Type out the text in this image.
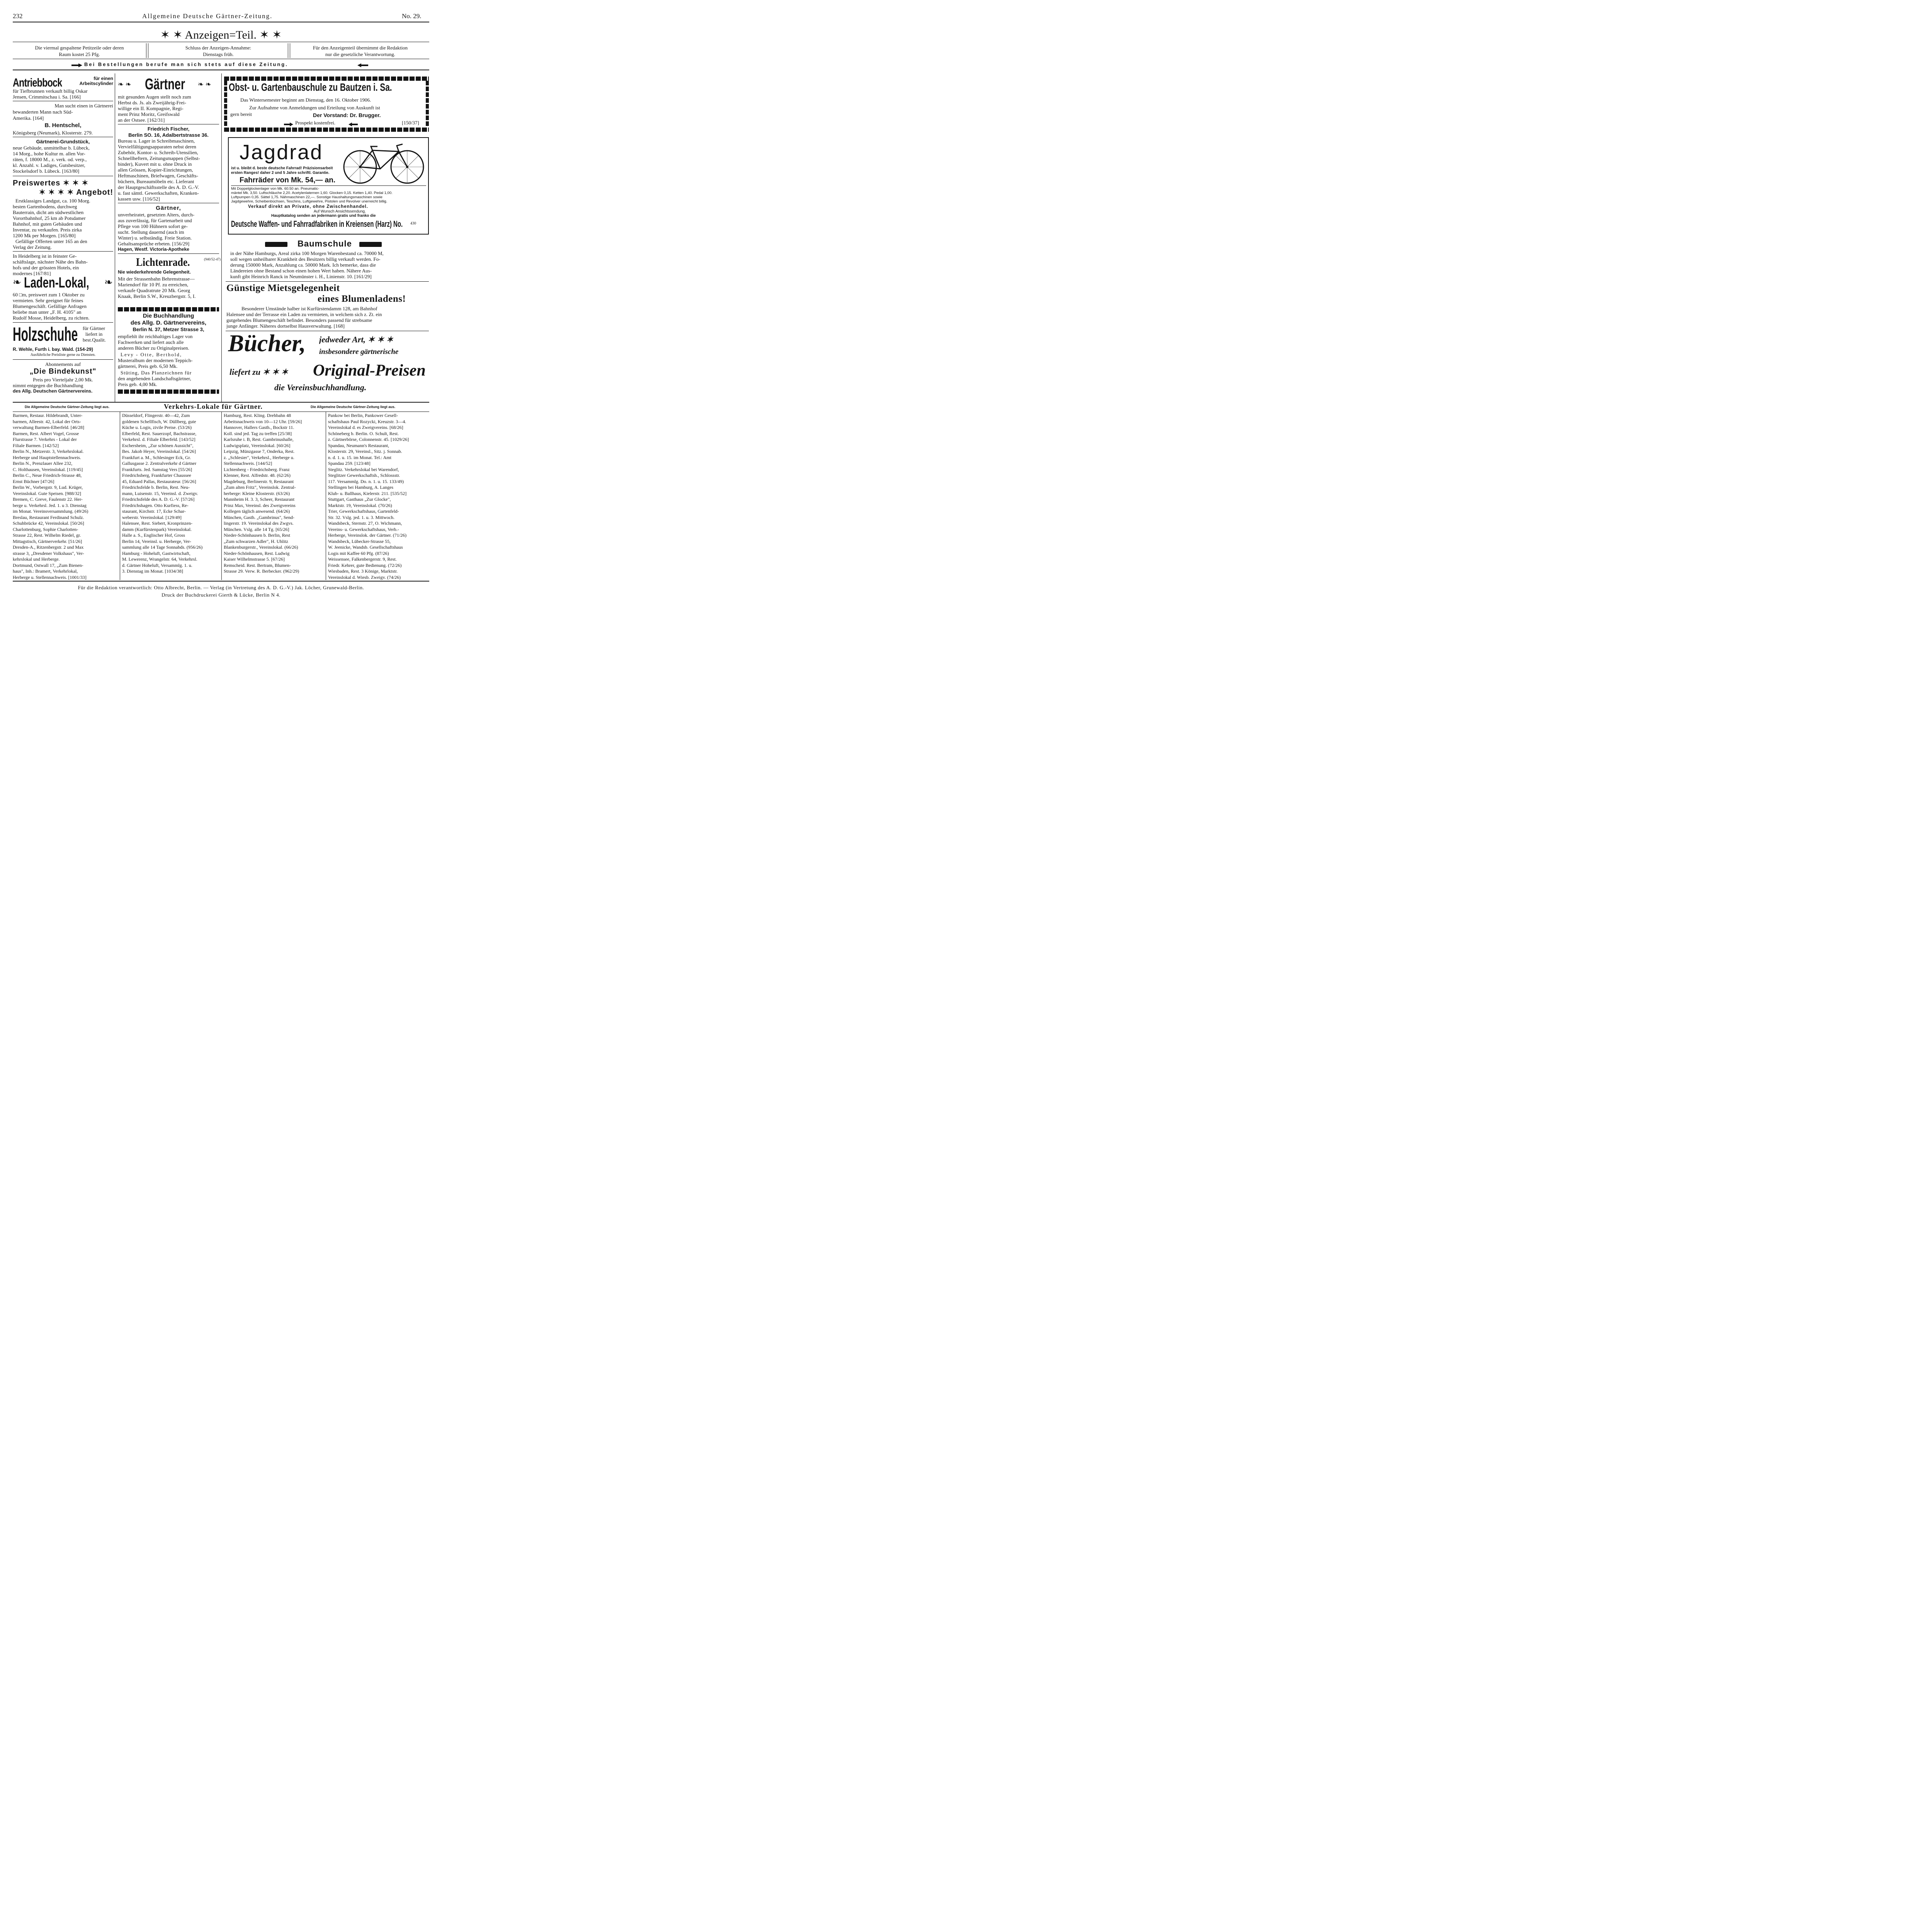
232	Allgemeine Deutsche Gärtner-Zeitung.	No. 29.
✶ ✶ Anzeigen=Teil. ✶ ✶
Die viermal gespaltene Petitzeile oder deren
Raum kostet 25 Pfg.
Schluss der Anzeigen-Annahme:
Dienstags früh.
Für den Anzeigenteil übernimmt die Redaktion
nur die gesetzliche Verantwortung.
Bei Bestellungen berufe man sich stets auf diese Zeitung.
Antriebbock	für einen Arbeitscylinder
für Tiefbrunnen verkauft billig Oskar
Jensen, Crimmitschau i. Sa. [166]
Man sucht einen in Gärtnerei
bewanderten Mann nach Süd-
Amerika. [164]
B. Hentschel,
Königsberg (Neumark), Klosterstr. 279.
Gärtnerei-Grundstück,
neue Gebäude, unmittelbar b. Lübeck,
14 Morg., hohe Kultur m. allen Vor-
räten, f. 18000 M., z. verk. od. verp.,
kl. Anzahl. v. Ladiges, Gutsbesitzer,
Stockelsdorf b. Lübeck. [163/80]
Preiswertes ✶ ✶ ✶
✶ ✶ ✶ ✶ Angebot!
Erstklassiges Landgut, ca. 100 Morg.
besten Gartenbodens, durchweg
Bauterrain, dicht am südwestlichen
Vorortbahnhof, 25 km ab Potsdamer
Bahnhof, mit guten Gebäuden und
Inventar, zu verkaufen. Preis zirka
1200 Mk per Morgen. [165/80]
Gefällige Offerten unter 165 an den
Verlag der Zeitung.
In Heidelberg ist in feinster Ge-
schäftslage, nächster Nähe des Bahn-
hofs und der grössten Hotels, ein
modernes [167/81]
❧ Laden-Lokal, ❧
60 □m, preiswert zum 1 Oktober zu
vermieten. Sehr geeignet für feines
Blumengeschäft. Gefällige Anfragen
beliebe man unter „F. H. 4105" an
Rudolf Mosse, Heidelberg, zu richten.
Holzschuhe für Gärtner
liefert in
best.Qualit.
R. Wehle, Furth i. bay. Wald. (154-29)
Ausführliche Preisliste gerne zu Diensten.
Abonnements auf
„Die Bindekunst"
Preis pro Vierteljahr 2,00 Mk.
nimmt entgegen die Buchhandlung
des Allg. Deutschen Gärtnervereins.
❧ ❧ Gärtner ❧ ❧
mit gesunden Augen stellt noch zum
Herbst ds. Js. als Zweijährig-Frei-
willige ein II. Kompagnie, Regi-
ment Prinz Moritz, Greifswald
an der Ostsee. [162/31]
Friedrich Fischer,
Berlin SO. 16, Adalbertstrasse 36.
Bureau u. Lager in Schreibmaschinen,
Vervielfältigungsapparaten nebst deren
Zubehör, Kontor- u. Schreib-Utensilien,
Schnellheftern, Zeitungsmappen (Selbst-
binder), Kuvert mit u. ohne Druck in
allen Grössen, Kopier-Einrichtungen,
Heftmaschinen, Briefwagen, Geschäfts-
büchern, Bureaumöbeln etc. Lieferant
der Hauptgeschäftsstelle des A. D. G.-V.
u. fast sämtl. Gewerkschaften, Kranken-
kassen usw. [116/52]
Gärtner,
unverheiratet, gesetzten Alters, durch-
aus zuverlässig, für Gartenarbeit und
Pflege von 100 Hühnern sofort ge-
sucht. Stellung dauernd (auch im
Winter) u. selbständig. Freie Station.
Gehaltsansprüche erbeten. [156/29]
Hagen, Westf. Victoria-Apotheke
Lichtenrade.	(940/52-47)
Nie wiederkehrende Gelegenheit.
Mit der Strassenbahn Behrenstrasse—
Mariendorf für 10 Pf. zu erreichen,
verkaufe Quadratrute 20 Mk. Georg
Knaak, Berlin S.W., Kreuzbergstr. 5, I.
Die Buchhandlung
des Allg. D. Gärtnervereins,
Berlin N. 37, Metzer Strasse 3,
empfiehlt ihr reichhaltiges Lager von
Fachwerken und liefert auch alle
anderen Bücher zu Originalpreisen.
Levy - Otte, Berthold,
Musteralbum der modernen Teppich-
gärtnerei, Preis geb. 6,50 Mk.
Stüting, Das Planzeichnen für
den angehenden Landschaftsgärtner,
Preis geb. 4,00 Mk.
Obst- u. Gartenbauschule zu Bautzen i. Sa.
Das Wintersemester beginnt am Dienstag, den 16. Oktober 1906.
Zur Aufnahme von Anmeldungen und Erteilung von Auskunft ist
gern bereit	Der Vorstand: Dr. Brugger.
Prospekt kostenfrei.	[150/37]
Jagdrad
ist u. bleibt d. beste deutsche Fahrrad! Präzisionsarbeit
ersten Ranges! daher 2 und 5 Jahre schriftl. Garantie.
Fahrräder von Mk. 54,— an.
Mit Doppelglockenlager von Mk. 60.50 an. Pneumatic-
mäntel Mk. 3,50. Luftschläuche 2,20. Acetylenlaternen 1,60. Glocken 0,15. Ketten 1,40. Pedal 1,00.
Luftpumpen 0,35. Sättel 1,75. Nähmaschinen 22,—. Sonstige Haushaltungsmaschinen sowie
Jagdgewehre, Scheibenbüchsen, Teschins, Luftgewehre, Pistolen und Revolver unerreicht billig.
Verkauf direkt an Private, ohne Zwischenhandel.
Auf Wunsch Ansichtssendung.
Hauptkatalog senden an jedermann gratis und franko die
Deutsche Waffen- und Fahrradfabriken in Kreiensen (Harz) No. 430
Baumschule
in der Nähe Hamburgs, Areal zirka 100 Morgen Warenbestand ca. 70000 M,
soll wegen unheilbarer Krankheit des Besitzers billig verkauft werden. Fo-
derung 150000 Mark, Anzahlung ca. 50000 Mark. Ich bemerke, dass die
Ländereien ohne Bestand schon einen hohen Wert haben. Nähere Aus-
kunft gibt Heinrich Ranck in Neumünster i. H., Linienstr. 10. [161/29]
Günstige Mietsgelegenheit
eines Blumenladens!
Besonderer Umstände halber ist Kurfürstendamm 128, am Bahnhof
Halensee und der Terrasse ein Laden zu vermieten, in welchem sich z. Zt. ein
gutgehendes Blumengeschäft befindet. Besonders passend für strebsame
junge Anfänger. Näheres dortselbst Hausverwaltung. [168]
Bücher, jedweder Art, ✶ ✶ ✶
insbesondere gärtnerische
liefert zu ✶ ✶ ✶ Original-Preisen
die Vereinsbuchhandlung.
Die Allgemeine Deutsche Gärtner-Zeitung liegt aus.	Verkehrs-Lokale für Gärtner.	Die Allgemeine Deutsche Gärtner-Zeitung liegt aus.
Barmen, Restaur. Hildebrandt, Unter-
barmen, Alleestr. 42, Lokal der Orts-
verwaltung Barmen-Elberfeld. [46/28]
Barmen, Rest. Albert Vogel, Grosse
Flurstrasse 7. Verkehrs - Lokal der
Filiale Barmen. [142/52]
Berlin N., Metzerstr. 3, Verkehrslokal.
Herberge und Hauptstellennachweis.
Berlin N., Prenzlauer Allee 232,
C. Holthausen, Vereinslokal. [119/45]
Berlin C., Neue Friedrich-Strasse 48,
Ernst Büchner [47/26]
Berlin W., Vorbergstr. 9, Lud. Krüger,
Vereinslokal. Gute Speisen. [988/32]
Bremen, C. Greve, Faulenstr 22. Her-
berge u. Verkehrsl. Jed. 1. u 3. Dienstag
im Monat. Vereinsversammlung. (49/26)
Breslau, Restaurant Ferdinand Schulz.
Schuhbrücke 42, Vereinslokal. [50/26]
Charlottenburg, Sophie Charlotten-
Strasse 22, Rest. Wilhelm Riedel, gr.
Mittagstisch, Gärtnerverkehr. [51/26]
Dresden-A., Ritzenbergstr. 2 und Max
strasse 3, „Dresdener Volkshaus", Ver-
kehrslokal und Herberge.
Dortmund, Ostwall 17, „Zum Bienen-
haus", Inh.: Bramert, Verkehrlokal,
Herberge u. Stellennachweis. [1001/33]
Düsseldorf, Flingerstr. 40—42, Zum
goldenen Schellfisch, W. Düllberg, gute
Küche u. Logis, zivile Preise. (53/26)
Elberfeld, Rest. Sauerzopf, Bachstrasse,
Verkehrsl. d. Filiale Elberfeld. [143/52]
Eschersheim, „Zur schönen Aussicht",
Bes. Jakob Heyer, Vereinslokal. [54/26]
Frankfurt a. M., Schlesinger Eck, Gr.
Gallusgasse 2. Zentralverkehr d Gärtner
Frankfurts. Jed. Samstag Vers [55/26]
Friedrichsberg, Frankfurter Chaussee
45, Eduard Pallas, Restaurateur. [56/26]
Friedrichsfelde b. Berlin, Rest. Neu-
mann, Luisenstr. 15, Vereinsl. d. Zweigv.
Friedrichsfelde des A. D. G.-V. [57/26]
Friedrichshagen. Otto Kurfiess, Re-
staurant, Kirchstr. 17, Ecke Schar-
weberstr. Vereinslokal. [129/49]
Halensee, Rest. Siebert, Kronprinzen-
damm (Kurfürstenpark) Vereinslokal.
Halle a. S., Englischer Hof, Gross
Berlin 14, Vereinsl. u. Herberge, Ver-
sammlung alle 14 Tage Sonnabds. (956/26)
Hamburg - Hoheluft, Gastwirtschaft,
M. Lewerenz, Wrangelstr. 64, Verkehrsl.
d. Gärtner Hoheluft, Versammlg. 1. u.
3. Dienstag im Monat. [1034/38]
Hamburg, Rest. Kling. Drehbahn 48
Arbeitsnachweis von 10—12 Uhr. [59/26]
Hannover, Hallers Gasth., Bockstr 11.
Koll. sind jed. Tag zu treffen [25/38]
Karlsruhe i. B, Rest. Gambrinushalle,
Ludwigsplatz, Vereinslokal. [60/26]
Leipzig, Münzgasse 7, Onderka, Rest.
z. „Schlesier", Verkehrsl., Herberge u.
Stellennachweis. [144/52]
Lichtenberg - Friedrichsberg. Franz
Klenner, Rest. Alfredstr. 48. (62/26)
Magdeburg, Berlinerstr. 9, Restaurant
„Zum alten Fritz", Vereinslok. Zentral-
herberge: Kleine Klosterstr. (63/26)
Mannheim H. 3. 3, Scheer, Restaurant
Prinz Max, Vereinsl. des Zweigvereins
Kollegen täglich anwesend. (64/26)
München, Gasth. „Gambrinus", Send-
lingerstr. 19. Vereinslokal des Zwgvs.
München. Vslg. alle 14 Tg. [65/26]
Nieder-Schönhausen b. Berlin, Rest
„Zum schwarzen Adler", H. Uhlitz
Blankenburgerstr., Vereinslokal. (66/26)
Nieder-Schönhausen, Rest. Ludwig
Kaiser Wilhelmstrasse 5. [67/26]
Remscheid. Rest. Bertram, Blumen-
Strasse 29. Verw. R. Berbecker. (962/29)
Pankow bei Berlin, Pankower Gesell-
schaftshaus Paul Rozycki, Kreuzstr. 3—4.
Vereinslokal d. es Zweigvereins. [68/26]
Schöneberg b. Berlin. O. Schult, Rest.
z. Gärtnerbörse, Colonnenstr. 45. [1029/26]
Spandau, Neumann's Restaurant,
Klosterstr. 29, Vereinsl., Sitz. j. Sonnab.
n. d. 1. u. 15. im Monat. Tel.: Amt
Spandau 259. [123/48]
Steglitz. Verkehrslokal bei Warendorf,
Steglitzer Gewerkschaftsh., Schlossstr.
117. Versammlg. Do. n. 1. u. 15. 133/49)
Stellingen bei Hamburg, A. Langes
Klub- u. Ballhaus, Kielerstr. 211. [535/52]
Stuttgart, Gasthaus „Zur Glocke",
Marktstr. 19, Vereinslokal. (70/26)
Trier, Gewerkschaftshaus, Gartenfeld-
Str. 32. Vslg. jed. 1. u. 3. Mittwoch.
Wandsbeck, Sternstr. 27, O. Wichmann,
Vereins- u. Gewerkschaftshaus, Verb.-
Herberge, Vereinslok. der Gärtner. (71/26)
Wandsbeck, Lübecker-Strasse 55,
W. Jeenicke, Wandsb. Gesellschaftshaus
Logis mit Kaffee 60 Pfg. (87/26)
Weissensee, Falkenbergerstr. 9, Rest.
Friedr. Kehrer, gute Bedienung. (72/26)
Wiesbaden, Rest. 3 Könige, Marktstr.
Vereinslokal d. Wiesb. Zweigv. (74/26)
Für die Redaktion verantwortlich: Otto Albrecht, Berlin. — Verlag (in Vertretung des A. D. G.-V.) Jak. Löcher, Grunewald-Berlin.
Druck der Buchdruckerei Gierth & Lücke, Berlin N 4.
